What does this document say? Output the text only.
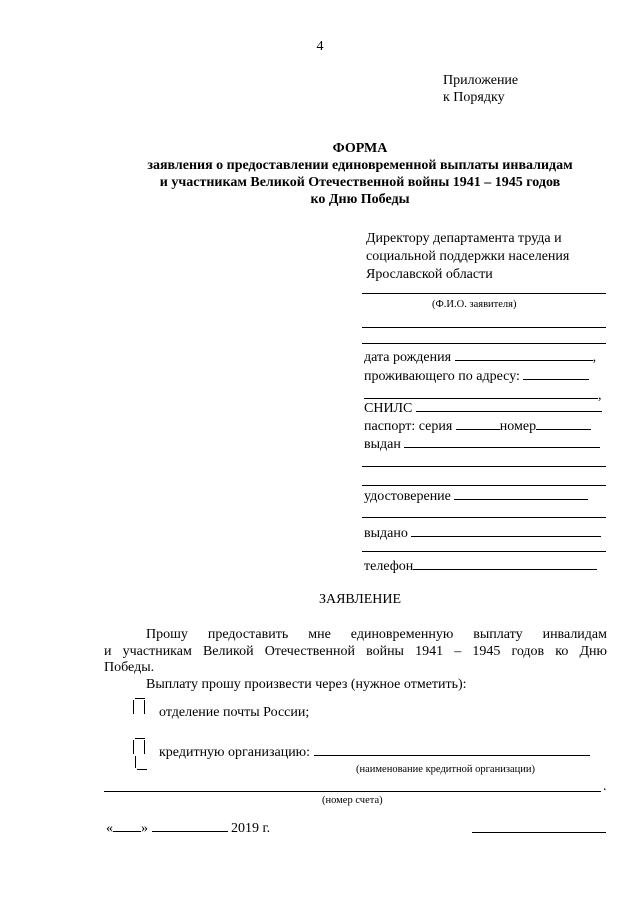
4
Приложение
к Порядку
ФОРМА
заявления о предоставлении единовременной выплаты инвалидам
и участникам Великой Отечественной войны 1941 – 1945 годов
ко Дню Победы
Директору департамента труда и
социальной поддержки населения
Ярославской области
(Ф.И.О. заявителя)
дата рождения	,
проживающего по адресу:
,
СНИЛС
паспорт: серия	номер
выдан
удостоверение
выдано
телефон
ЗАЯВЛЕНИЕ
Прошу предоставить мне единовременную выплату инвалидам
и участникам Великой Отечественной войны 1941 – 1945 годов ко Дню
Победы.
Выплату прошу произвести через (нужное отметить):
отделение почты России;
кредитную организацию:
(наименование кредитной организации)
.
(номер счета)
« »	2019 г.
